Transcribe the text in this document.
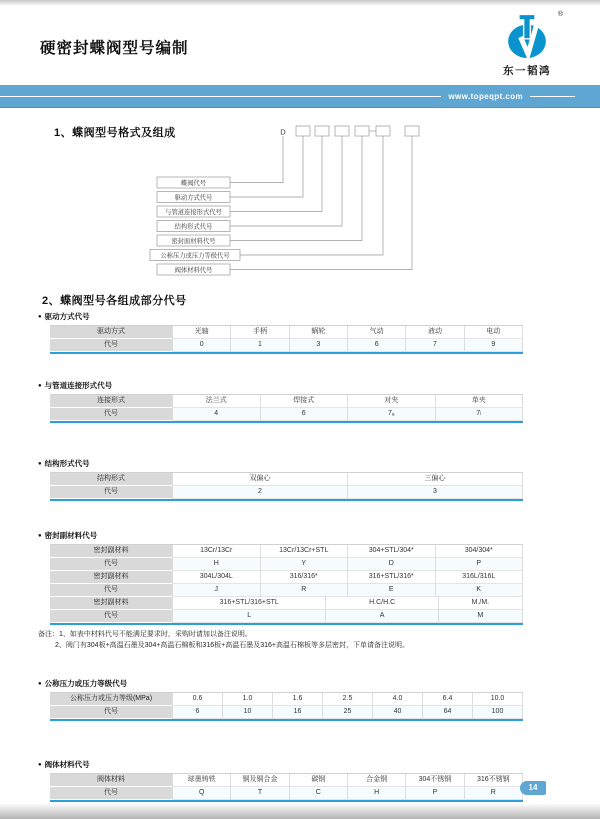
硬密封蝶阀型号编制
®
东一韬鸿
www.topeqpt.com
1、蝶阀型号格式及组成	D
蝶阀代号
驱动方式代号
与管道连接形式代号
结构形式代号
密封面材料代号
公称压力或压力等级代号
阀体材料代号
2、蝶阀型号各组成部分代号
● 驱动方式代号
驱动方式	光轴	手柄	蜗轮	气动	液动	电动
代号	0	1	3	6	7	9
● 与管道连接形式代号
连接形式	法兰式	焊接式	对夹	单夹
代号	4	6	7ₐ	7ₗ
● 结构形式代号
结构形式	双偏心	三偏心
代号	2	3
● 密封副材料代号
密封副材料	13Cr/13Cr	13Cr/13Cr+STL	304+STL/304*	304/304*
代号	H	Y	D	P
密封副材料	304L/304L	316/316*	316+STL/316*	316L/316L
代号	J	R	E	K
密封副材料	316+STL/316+STL	H.C/H.C	M./M.
代号	L	A	M
备注：1、如表中材料代号不能满足要求时，采购时请加以备注说明。
2、阀门有304板+高温石墨及304+高温石棉板和316板+高温石墨及316+高温石棉板等多层密封，下单请备注说明。
● 公称压力或压力等级代号
公称压力或压力等级(MPa)	0.6	1.0	1.6	2.5	4.0	6.4	10.0
代号	6	10	16	25	40	64	100
● 阀体材料代号
阀体材料	球墨铸铁	铜及铜合金	碳钢	合金钢	304不锈钢	316不锈钢
代号	Q	T	C	H	P	R
14
